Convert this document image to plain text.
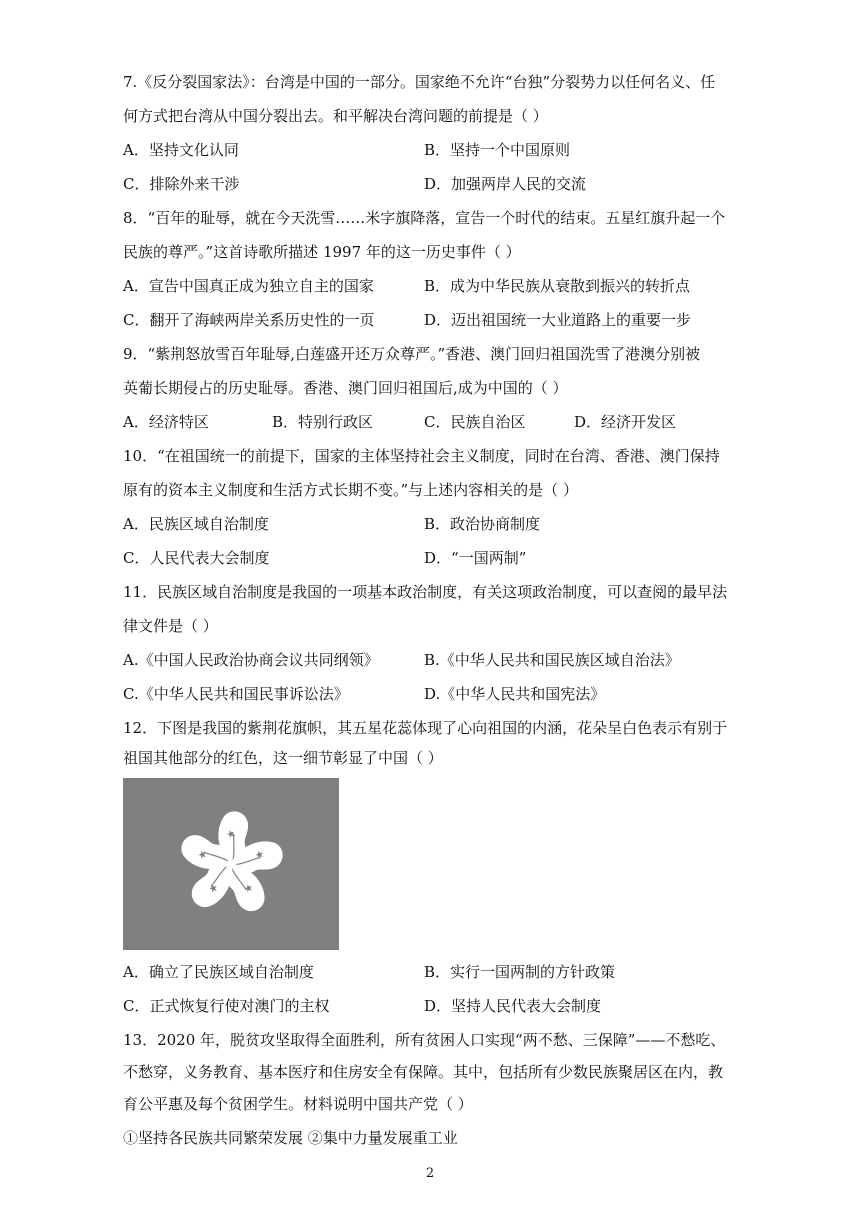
7.《反分裂国家法》：台湾是中国的一部分。国家绝不允许“台独”分裂势力以任何名义、任
何方式把台湾从中国分裂出去。和平解决台湾问题的前提是（ ）
A．坚持文化认同	B．坚持一个中国原则
C．排除外来干涉	D．加强两岸人民的交流
8．“百年的耻辱，就在今天洗雪……米字旗降落，宣告一个时代的结束。五星红旗升起一个
民族的尊严。”这首诗歌所描述 1997 年的这一历史事件（ ）
A．宣告中国真正成为独立自主的国家	B．成为中华民族从衰散到振兴的转折点
C．翻开了海峡两岸关系历史性的一页	D．迈出祖国统一大业道路上的重要一步
9．“紫荆怒放雪百年耻辱,白莲盛开还万众尊严。”香港、澳门回归祖国洗雪了港澳分别被
英葡长期侵占的历史耻辱。香港、澳门回归祖国后,成为中国的（ ）
A．经济特区	B．特别行政区	C．民族自治区	D．经济开发区
10．“在祖国统一的前提下，国家的主体坚持社会主义制度，同时在台湾、香港、澳门保持
原有的资本主义制度和生活方式长期不变。”与上述内容相关的是（ ）
A．民族区域自治制度	B．政治协商制度
C．人民代表大会制度	D．“一国两制”
11．民族区域自治制度是我国的一项基本政治制度，有关这项政治制度，可以查阅的最早法
律文件是（ ）
A.《中国人民政治协商会议共同纲领》	B.《中华人民共和国民族区域自治法》
C.《中华人民共和国民事诉讼法》	D.《中华人民共和国宪法》
12．下图是我国的紫荆花旗帜，其五星花蕊体现了心向祖国的内涵，花朵呈白色表示有别于
祖国其他部分的红色，这一细节彰显了中国（ ）
A．确立了民族区域自治制度	B．实行一国两制的方针政策
C．正式恢复行使对澳门的主权	D．坚持人民代表大会制度
13．2020 年，脱贫攻坚取得全面胜利，所有贫困人口实现“两不愁、三保障”——不愁吃、
不愁穿，义务教育、基本医疗和住房安全有保障。其中，包括所有少数民族聚居区在内，教
育公平惠及每个贫困学生。材料说明中国共产党（ ）
①坚持各民族共同繁荣发展 ②集中力量发展重工业
2
